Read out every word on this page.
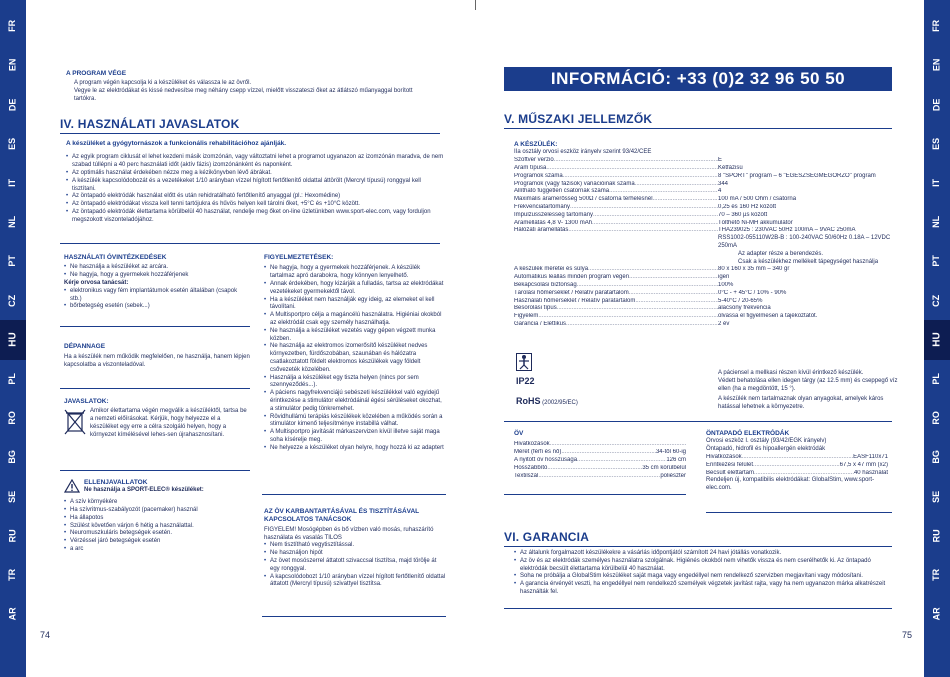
FR
EN
DE
ES
IT
NL
PT
CZ
HU
PL
RO
BG
SE
RU
TR
AR
FR
EN
DE
ES
IT
NL
PT
CZ
HU
PL
RO
BG
SE
RU
TR
AR
A PROGRAM VÉGE
A program végén kapcsolja ki a készüléket és válassza le az övről.
Vegye le az elektródákat és kissé nedvesítse meg néhány csepp vízzel, mielőtt visszateszi őket az átlátszó műanyaggal borított
tartókra.
IV. HASZNÁLATI JAVASLATOK
A készüléket a gyógytornászok a funkcionális rehabilitációhoz ajánlják.
• Az egyik program ciklusát el lehet kezdeni másik izomzónán, vagy változtatni lehet a programot ugyanazon az izomzónán maradva, de nem szabad túllépni a 40 perc használati időt (aktív fázis) izomzónánként és naponként.
• Az optimális használat érdekében nézze meg a kézikönyvben lévő ábrákat.
• A készülék kapcsolódobozát és a vezetékeket 1/10 arányban vízzel hígított fertőtlenítő oldattal áttörölt (Mercryl típusú) ronggyal kell tisztítani.
• Az öntapadó elektródák használat előtt és után rehidratálható fertőtlenítő anyaggal (pl.: Hexomédine)
• Az öntapadó elektródákat vissza kell tenni tartójukra és hűvös helyen kell tárolni őket, +5°C és +10°C között.
• Az öntapadó elektródák élettartama körülbelül 40 használat, rendelje meg őket on-line üzletünkben www.sport-elec.com, vagy forduljon megszokott viszonteladójához.
HASZNÁLATI ÓVINTÉZKEDÉSEK
• Ne használja a készüléket az arcára.
• Ne hagyja, hogy a gyermekek hozzáférjenek
Kérje orvosa tanácsát:
• elektronikus vagy fém implantátumok esetén általában (csapok stb.)
• bőrbetegség esetén (sebek...)
DÉPANNAGE
Ha a készülék nem működik megfelelően, ne használja, hanem lépjen kapcsolatba a viszonteladóval.
JAVASLATOK:
Amikor élettartama végén megválik a készüléktől, tartsa be a nemzeti előírásokat. Kérjük, hogy helyezze el a készüléket egy erre a célra szolgáló helyen, hogy a környezet kímélésével lehes-sen újrahasznosítani.
ELLENJAVALLATOK
Ne használja a SPORT-ELEC® készüléket:
• A szív környékére
• Ha szívritmus-szabályozót (pacemaker) használ
• Ha állapotos
• Szülést követően várjon 6 hétig a használattal.
• Neuromuszkuláris betegségek esetén.
• Vérzéssel járó betegségek esetén
• a arc
FIGYELMEZTETÉSEK:
• Ne hagyja, hogy a gyermekek hozzáférjenek. A készülék tartalmaz apró darabokra, hogy könnyen lenyelhető.
• Annak érdekében, hogy kizárják a fulladás, tartsa az elektródákat vezetékeket gyermekektől távol.
• Ha a készüléket nem használják egy ideig, az elemeket el kell távolítani.
• A Multisportpro célja a magáncélú használatra. Higiéniai okokból az elektródát csak egy személy használhatja.
• Ne használja a készüléket vezetés vagy gépen végzett munka közben.
• Ne használja az elektromos izomerősítő készüléket nedves környezetben, fürdőszobában, szaunában és hálózatra csatlakoztatott földelt elektromos készülékek vagy földelt csővezeték közelében.
• Használja a készüléket egy tiszta helyen (nincs por sem szennyeződés...).
• A páciens nagyfrekvenciájú sebészeti készülékkel való egyidejű érintkezése a stimulátor elektródáinál égési sérüléseket okozhat, a stimulátor pedig tönkremehet.
• Rövidhullámú terápiás készülékek közelében a működés során a stimulátor kimenő teljesítménye instabillá válhat.
• A Multisportpro javítását márkaszervizen kívül illetve saját maga soha kísérelje meg.
• Ne helyezze a készüléket olyan helyre, hogy hozzá ki az adaptert
AZ ÖV KARBANTARTÁSÁVAL ÉS TISZTÍTÁSÁVAL KAPCSOLATOS TANÁCSOK
FIGYELEM! Mosógépben és bő vízben való mosás, ruhaszárító használata és vasalás TILOS
• Nem tisztítható vegytisztítással.
• Ne használjon hipót
• Az övet mosószerrel áttatott szivaccsal tisztítsa, majd törölje át egy ronggyal.
• A kapcsolódobozt 1/10 arányban vízzel hígított fertőtlenítő oldattal áttatott (Mercryl típusú) szivattyel tisztítsa.
74
INFORMÁCIÓ: +33 (0)2 32 96 50 50
V. MŰSZAKI JELLEMZŐK
A KÉSZÜLÉK:
IIa osztály orvosi eszköz irányelv szerint 93/42/CEE
Szoftver verzió .....	E
Áram típusa .....	Kétfázisú
Programok száma .....	8 "SPORT" program – 6 "EGÉSZSÉGMEGŐRZŐ" program
Programok (vagy fázisok) variációinak száma .....	344
Állítható független csatornák száma .....	4
Maximális áramerősség 500Ω / csatorna terhelésnél .....	100 mA / 500 Ohm / csatorna
Frekvenciatartomány .....	0,25 és 160 Hz között
Impulzusszélesség tartomány .....	70 – 360 µs között
Áramellátás 4,8 V- 1300 mAh .....	Tölthető Ni-MH akkumulátor
Hálózati áramellátás .....	THA239025 : 230VAC 50Hz 100mA – 9VAC 250mA
RSS1002-055110W2B-B : 100-240VAC 50/60Hz 0.18A – 12VDC 250mA
Az adapter része a berendezés.
Csak a készülékhez mellékelt tápegységet használja
A készülék méretei és súlya .....	80 x 160 x 35 mm – 340 gr
Automatikus leállás minden program végén .....	igen
Bekapcsolási biztonság .....	100%
Tárolási hőmérséklet / Relatív páratartalom .....	0°C - + 45°C / 10% - 90%
Használati hőmérséklet / Relatív páratartalom .....	5-40°C / 20-65%
Besorolási típus .....	alacsony frekvencia
Figyelem .....	olvassa el figyelmesen a tájékoztatót.
Garancia / Élettikus .....	2 év
A páciensel a mellkasi részen kívül érintkező készülék.
IP22	Védett behatolása ellen idegen tárgy (az 12.5 mm) és cseppegő víz ellen (ha a megdöntött, 15 °).
RoHS (2002/95/EC)
A készülék nem tartalmaznak olyan anyagokat, amelyek káros hatással lehetnek a környezetre.
ÖV
Hivatkozások
.....
Méret (férfi és nő) .....	34-től 60-ig
A nyitott öv hosszúsága .....	126 cm
Hosszabbító .....	35 cm körülbelül
Textilszál .....	poliészter
ÖNTAPADÓ ELEKTRÓDÁK
Orvosi eszköz I. osztály (93/42/EGK irányelv)
Öntapadó, hidrofil és hipoallergén elektródák
Hivatkozások .....	EASF110x71
Érintkezési felület .....	67,5 x 47 mm (x2)
Becsült élettartam .....	40 használat
Rendeljen új, kompatibilis elektródákat: GlobalStim, www.sport-elec.com.
VI. GARANCIA
• Az általunk forgalmazott készülékekre a vásárlás időpontjától számított 24 havi jótállás vonatkozik.
• Az öv és az elektródák személyes használatra szolgálnak. Higiénés okokból nem vihetők vissza és nem cserélhetők ki. Az öntapadó elektródák becsült élettartama körülbelül 40 használat.
• Soha ne próbálja a GlobalStim készüléket saját maga vagy engedéllyel nem rendelkező szervizben megjavítani vagy módosítani.
• A garancia érvényét veszti, ha engedéllyel nem rendelkező személyek végzetek javítást rajta, vagy ha nem ugyanazon márka alkatrészeit használták fel.
75
